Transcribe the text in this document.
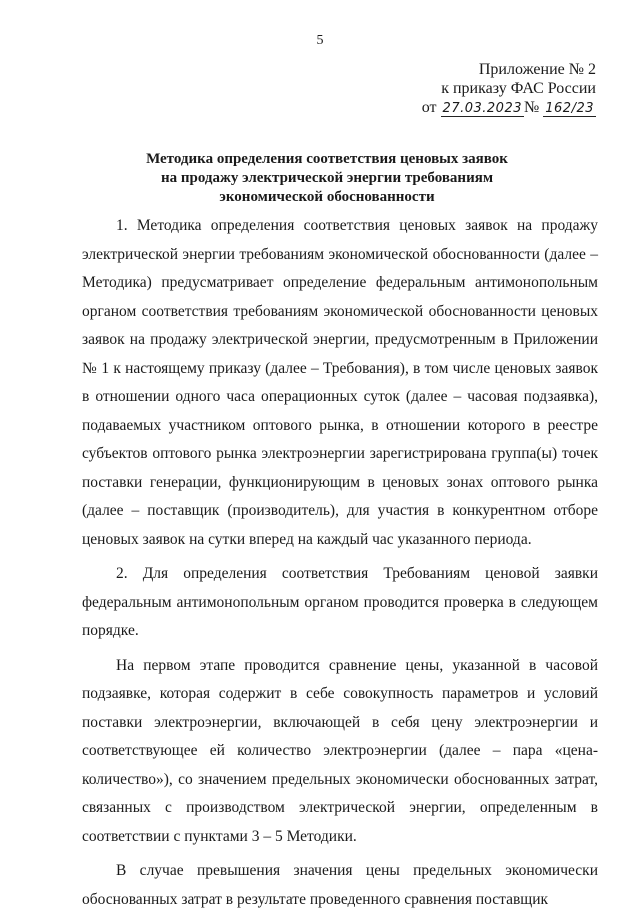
5
Приложение № 2
к приказу ФАС России
от 27.03.2023 № 162/23
Методика определения соответствия ценовых заявок
на продажу электрической энергии требованиям
экономической обоснованности

1. Методика определения соответствия ценовых заявок на продажу электрической энергии требованиям экономической обоснованности (далее – Методика) предусматривает определение федеральным антимонопольным органом соответствия требованиям экономической обоснованности ценовых заявок на продажу электрической энергии, предусмотренным в Приложении № 1 к настоящему приказу (далее – Требования), в том числе ценовых заявок в отношении одного часа операционных суток (далее – часовая подзаявка), подаваемых участником оптового рынка, в отношении которого в реестре субъектов оптового рынка электроэнергии зарегистрирована группа(ы) точек поставки генерации, функционирующим в ценовых зонах оптового рынка (далее – поставщик (производитель), для участия в конкурентном отборе ценовых заявок на сутки вперед на каждый час указанного периода.

2. Для определения соответствия Требованиям ценовой заявки федеральным антимонопольным органом проводится проверка в следующем порядке.

На первом этапе проводится сравнение цены, указанной в часовой подзаявке, которая содержит в себе совокупность параметров и условий поставки электроэнергии, включающей в себя цену электроэнергии и соответствующее ей количество электроэнергии (далее – пара «цена-количество»), со значением предельных экономически обоснованных затрат, связанных с производством электрической энергии, определенным в соответствии с пунктами 3 – 5 Методики.

В случае превышения значения цены предельных экономически обоснованных затрат в результате проведенного сравнения поставщик
